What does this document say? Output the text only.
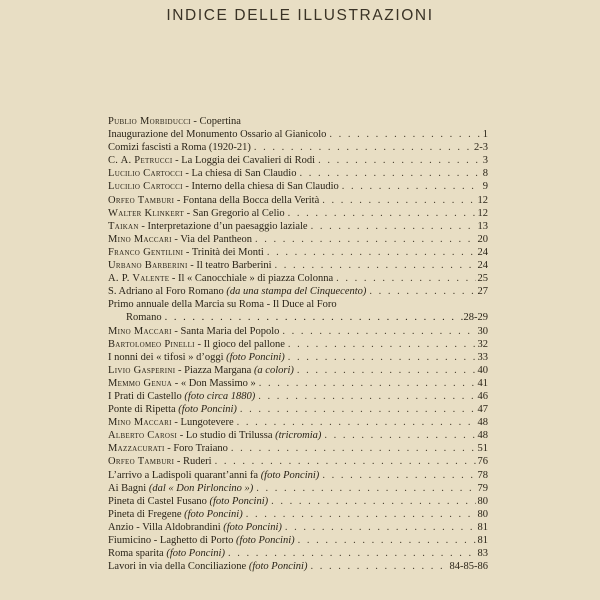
INDICE DELLE ILLUSTRAZIONI
Publio Morbiducci - Copertina
Inaugurazione del Monumento Ossario al Gianicolo . . .	1
Comizi fascisti a Roma (1920-21) . . .	2-3
C. A. Petrucci - La Loggia dei Cavalieri di Rodi . . .	3
Lucilio Cartocci - La chiesa di San Claudio . . .	8
Lucilio Cartocci - Interno della chiesa di San Claudio . . .	9
Orfeo Tamburi - Fontana della Bocca della Verità . . .	12
Walter Klinkert - San Gregorio al Celio . . .	12
Taikan - Interpretazione d’un paesaggio laziale . . .	13
Mino Maccari - Via del Pantheon . . .	20
Franco Gentilini - Trinità dei Monti . . .	24
Urbano Barberini - Il teatro Barberini . . .	24
A. P. Valente - Il « Canocchiale » di piazza Colonna . . .	25
S. Adriano al Foro Romano (da una stampa del Cinquecento) . . .	27
Primo annuale della Marcia su Roma - Il Duce al Foro
Romano . . .	28-29
Mino Maccari - Santa Maria del Popolo . . .	30
Bartolomeo Pinelli - Il gioco del pallone . . .	32
I nonni dei « tifosi » d’oggi (foto Poncini) . . .	33
Livio Gasperini - Piazza Margana (a colori) . . .	40
Memmo Genua - « Don Massimo » . . .	41
I Prati di Castello (foto circa 1880) . . .	46
Ponte di Ripetta (foto Poncini) . . .	47
Mino Maccari - Lungotevere . . .	48
Alberto Carosi - Lo studio di Trilussa (tricromia) . . .	48
Mazzacurati - Foro Traiano . . .	51
Orfeo Tamburi - Ruderi . . .	76
L’arrivo a Ladispoli quarant’anni fa (foto Poncini) . . .	78
Ai Bagni (dal « Don Pirloncino ») . . .	79
Pineta di Castel Fusano (foto Poncini) . . .	80
Pineta di Fregene (foto Poncini) . . .	80
Anzio - Villa Aldobrandini (foto Poncini) . . .	81
Fiumicino - Laghetto di Porto (foto Poncini) . . .	81
Roma sparita (foto Poncini) . . .	83
Lavori in via della Conciliazione (foto Poncini) . . .	84-85-86
